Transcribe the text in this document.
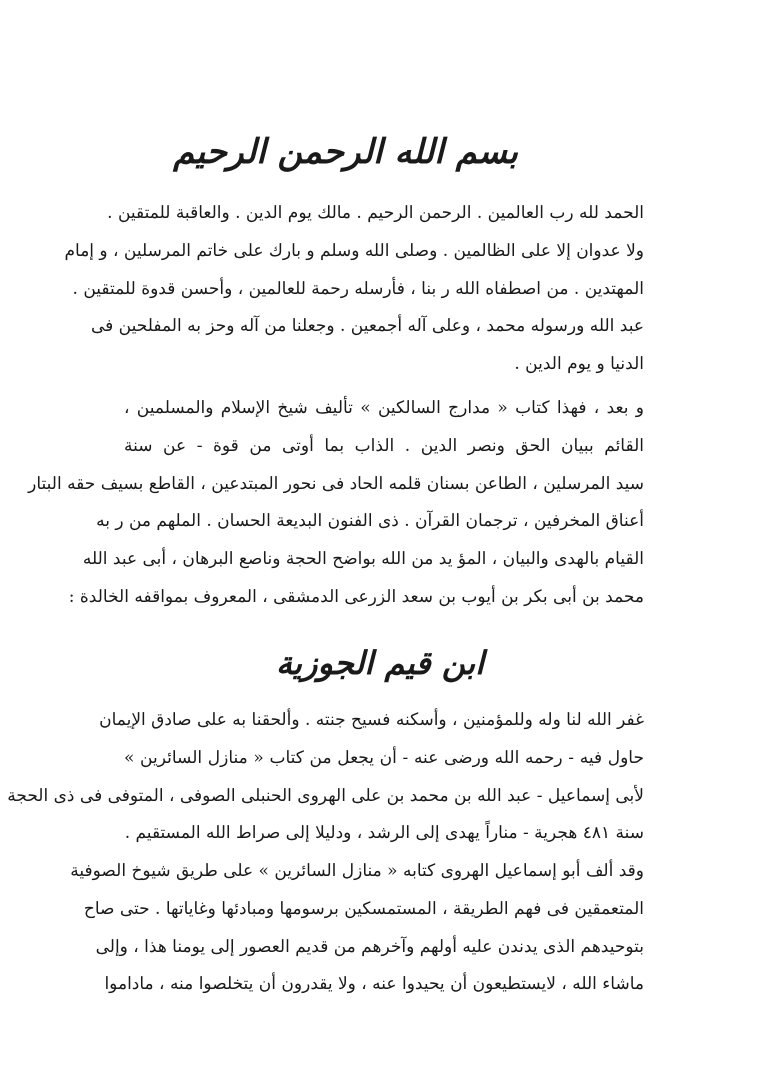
بسم الله الرحمن الرحيم
الحمد لله رب العالمين . الرحمن الرحيم . مالك يوم الدين . والعاقبة للمتقين .
ولا عدوان إلا على الظالمين . وصلى الله وسلم و بارك على خاتم المرسلين ، و إمام
المهتدين . من اصطفاه الله ر بنا ، فأرسله رحمة للعالمين ، وأحسن قدوة للمتقين .
عبد الله ورسوله محمد ، وعلى آله أجمعين . وجعلنا من آله وحز به المفلحين فى
الدنيا و يوم الدين .
و بعد ، فهذا كتاب « مدارج السالكين » تأليف شيخ الإسلام والمسلمين ،
القائم ببيان الحق ونصر الدين . الذاب بما أوتى من قوة - عن سنة
سيد المرسلين ، الطاعن بسنان قلمه الحاد فى نحور المبتدعين ، القاطع بسيف حقه البتار
أعناق المخرفين ، ترجمان القرآن . ذى الفنون البديعة الحسان . الملهم من ر به
القيام بالهدى والبيان ، المؤ يد من الله بواضح الحجة وناصع البرهان ، أبى عبد الله
محمد بن أبى بكر بن أيوب بن سعد الزرعى الدمشقى ، المعروف بمواقفه الخالدة :
ابن قيم الجوزية
غفر الله لنا وله وللمؤمنين ، وأسكنه فسيح جنته . وألحقنا به على صادق الإيمان
حاول فيه - رحمه الله ورضى عنه - أن يجعل من كتاب « منازل السائرين »
لأبى إسماعيل - عبد الله بن محمد بن على الهروى الحنبلى الصوفى ، المتوفى فى ذى الحجة
سنة ٤٨١ هجرية - مناراً يهدى إلى الرشد ، ودليلا إلى صراط الله المستقيم .
وقد ألف أبو إسماعيل الهروى كتابه « منازل السائرين » على طريق شيوخ الصوفية
المتعمقين فى فهم الطريقة ، المستمسكين برسومها ومبادئها وغاياتها . حتى صاح
بتوحيدهم الذى يدندن عليه أولهم وآخرهم من قديم العصور إلى يومنا هذا ، وإلى
ماشاء الله ، لايستطيعون أن يحيدوا عنه ، ولا يقدرون أن يتخلصوا منه ، ماداموا
